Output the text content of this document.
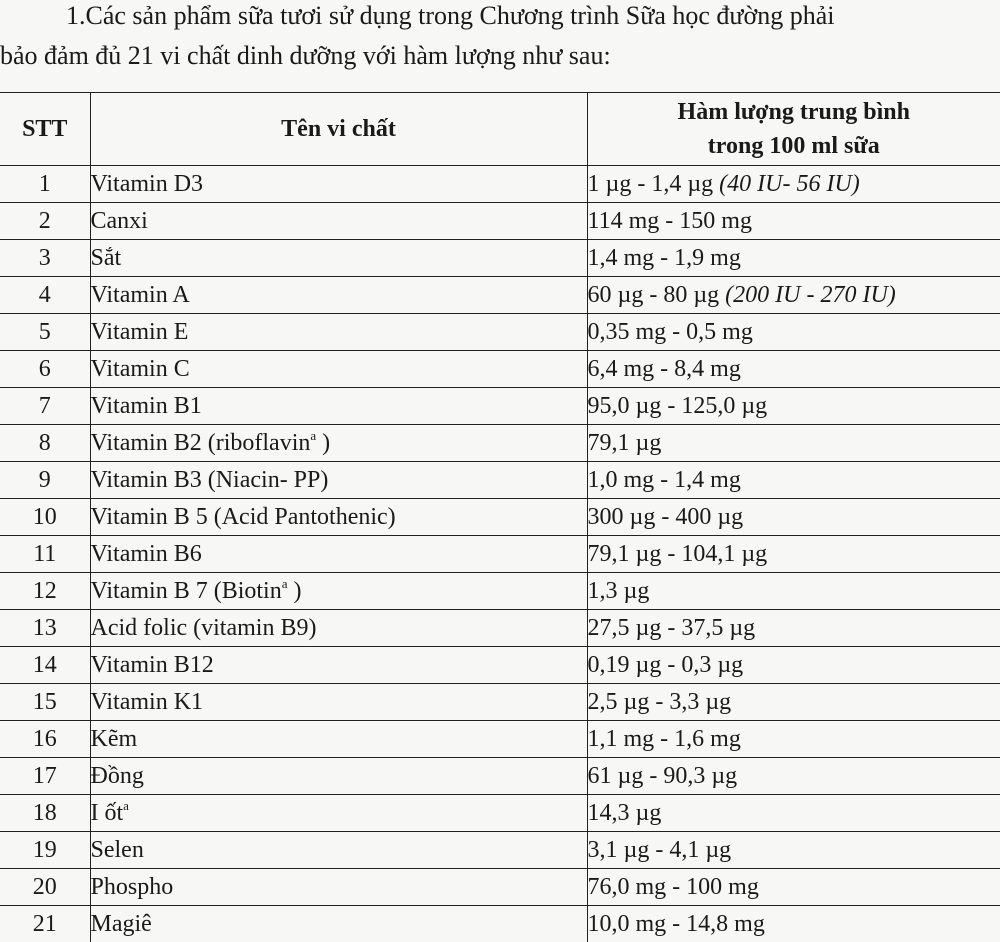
1.Các sản phẩm sữa tươi sử dụng trong Chương trình Sữa học đường phải
bảo đảm đủ 21 vi chất dinh dưỡng với hàm lượng như sau:
STT	Tên vi chất	Hàm lượng trung bình
trong 100 ml sữa
1	Vitamin D3	1 µg - 1,4 µg (40 IU- 56 IU)
2	Canxi	114 mg - 150 mg
3	Sắt	1,4 mg - 1,9 mg
4	Vitamin A	60 µg - 80 µg (200 IU - 270 IU)
5	Vitamin E	0,35 mg - 0,5 mg
6	Vitamin C	6,4 mg - 8,4 mg
7	Vitamin B1	95,0 µg - 125,0 µg
8	Vitamin B2 (riboflavin$^a$ )	79,1 µg
9	Vitamin B3 (Niacin- PP)	1,0 mg - 1,4 mg
10	Vitamin B 5 (Acid Pantothenic)	300 µg - 400 µg
11	Vitamin B6	79,1 µg - 104,1 µg
12	Vitamin B 7 (Biotin$^a$ )	1,3 µg
13	Acid folic (vitamin B9)	27,5 µg - 37,5 µg
14	Vitamin B12	0,19 µg - 0,3 µg
15	Vitamin K1	2,5 µg - 3,3 µg
16	Kẽm	1,1 mg - 1,6 mg
17	Đồng	61 µg - 90,3 µg
18	I ốt$^a$	14,3 µg
19	Selen	3,1 µg - 4,1 µg
20	Phospho	76,0 mg - 100 mg
21	Magiê	10,0 mg - 14,8 mg
